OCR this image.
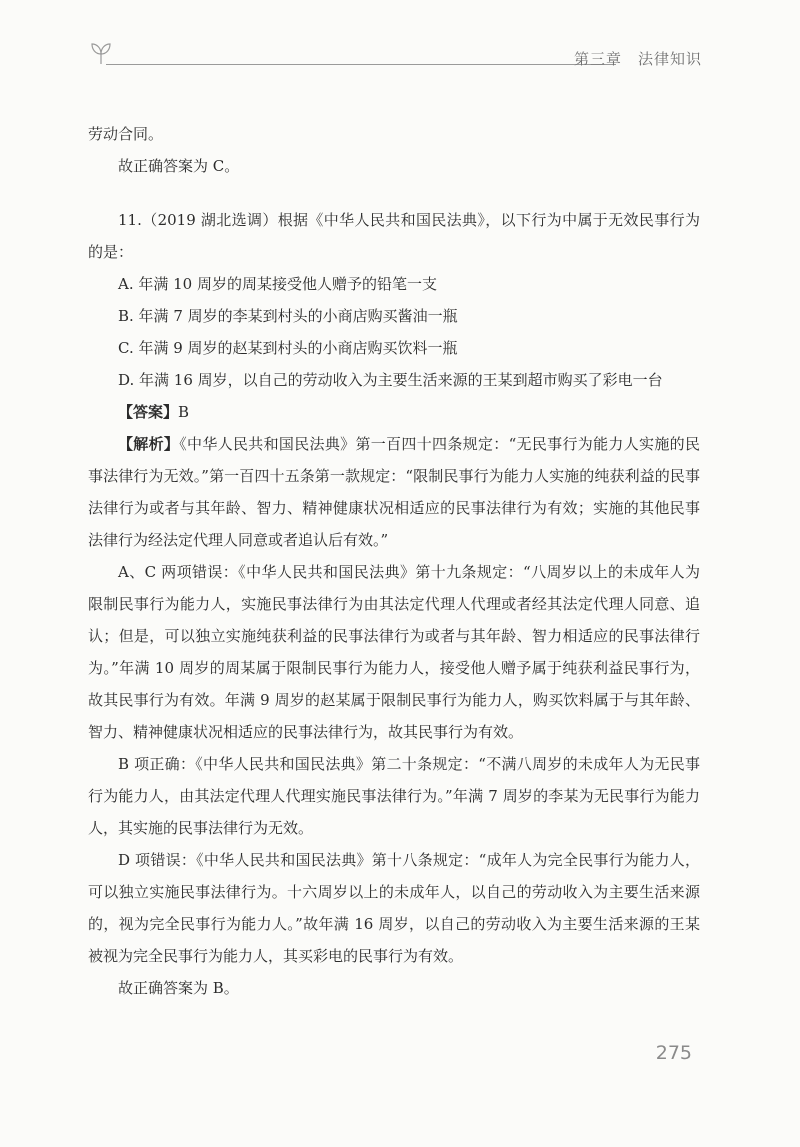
第三章　法律知识

劳动合同。

故正确答案为 C。

11.（2019 湖北选调）根据《中华人民共和国民法典》，以下行为中属于无效民事行为的是：

A. 年满 10 周岁的周某接受他人赠予的铅笔一支

B. 年满 7 周岁的李某到村头的小商店购买酱油一瓶

C. 年满 9 周岁的赵某到村头的小商店购买饮料一瓶

D. 年满 16 周岁，以自己的劳动收入为主要生活来源的王某到超市购买了彩电一台

【答案】B

【解析】《中华人民共和国民法典》第一百四十四条规定：“无民事行为能力人实施的民事法律行为无效。”第一百四十五条第一款规定：“限制民事行为能力人实施的纯获利益的民事法律行为或者与其年龄、智力、精神健康状况相适应的民事法律行为有效；实施的其他民事法律行为经法定代理人同意或者追认后有效。”

A、C 两项错误：《中华人民共和国民法典》第十九条规定：“八周岁以上的未成年人为限制民事行为能力人，实施民事法律行为由其法定代理人代理或者经其法定代理人同意、追认；但是，可以独立实施纯获利益的民事法律行为或者与其年龄、智力相适应的民事法律行为。”年满 10 周岁的周某属于限制民事行为能力人，接受他人赠予属于纯获利益民事行为，故其民事行为有效。年满 9 周岁的赵某属于限制民事行为能力人，购买饮料属于与其年龄、智力、精神健康状况相适应的民事法律行为，故其民事行为有效。

B 项正确：《中华人民共和国民法典》第二十条规定：“不满八周岁的未成年人为无民事行为能力人，由其法定代理人代理实施民事法律行为。”年满 7 周岁的李某为无民事行为能力人，其实施的民事法律行为无效。

D 项错误：《中华人民共和国民法典》第十八条规定：“成年人为完全民事行为能力人，可以独立实施民事法律行为。十六周岁以上的未成年人，以自己的劳动收入为主要生活来源的，视为完全民事行为能力人。”故年满 16 周岁，以自己的劳动收入为主要生活来源的王某被视为完全民事行为能力人，其买彩电的民事行为有效。

故正确答案为 B。

275
